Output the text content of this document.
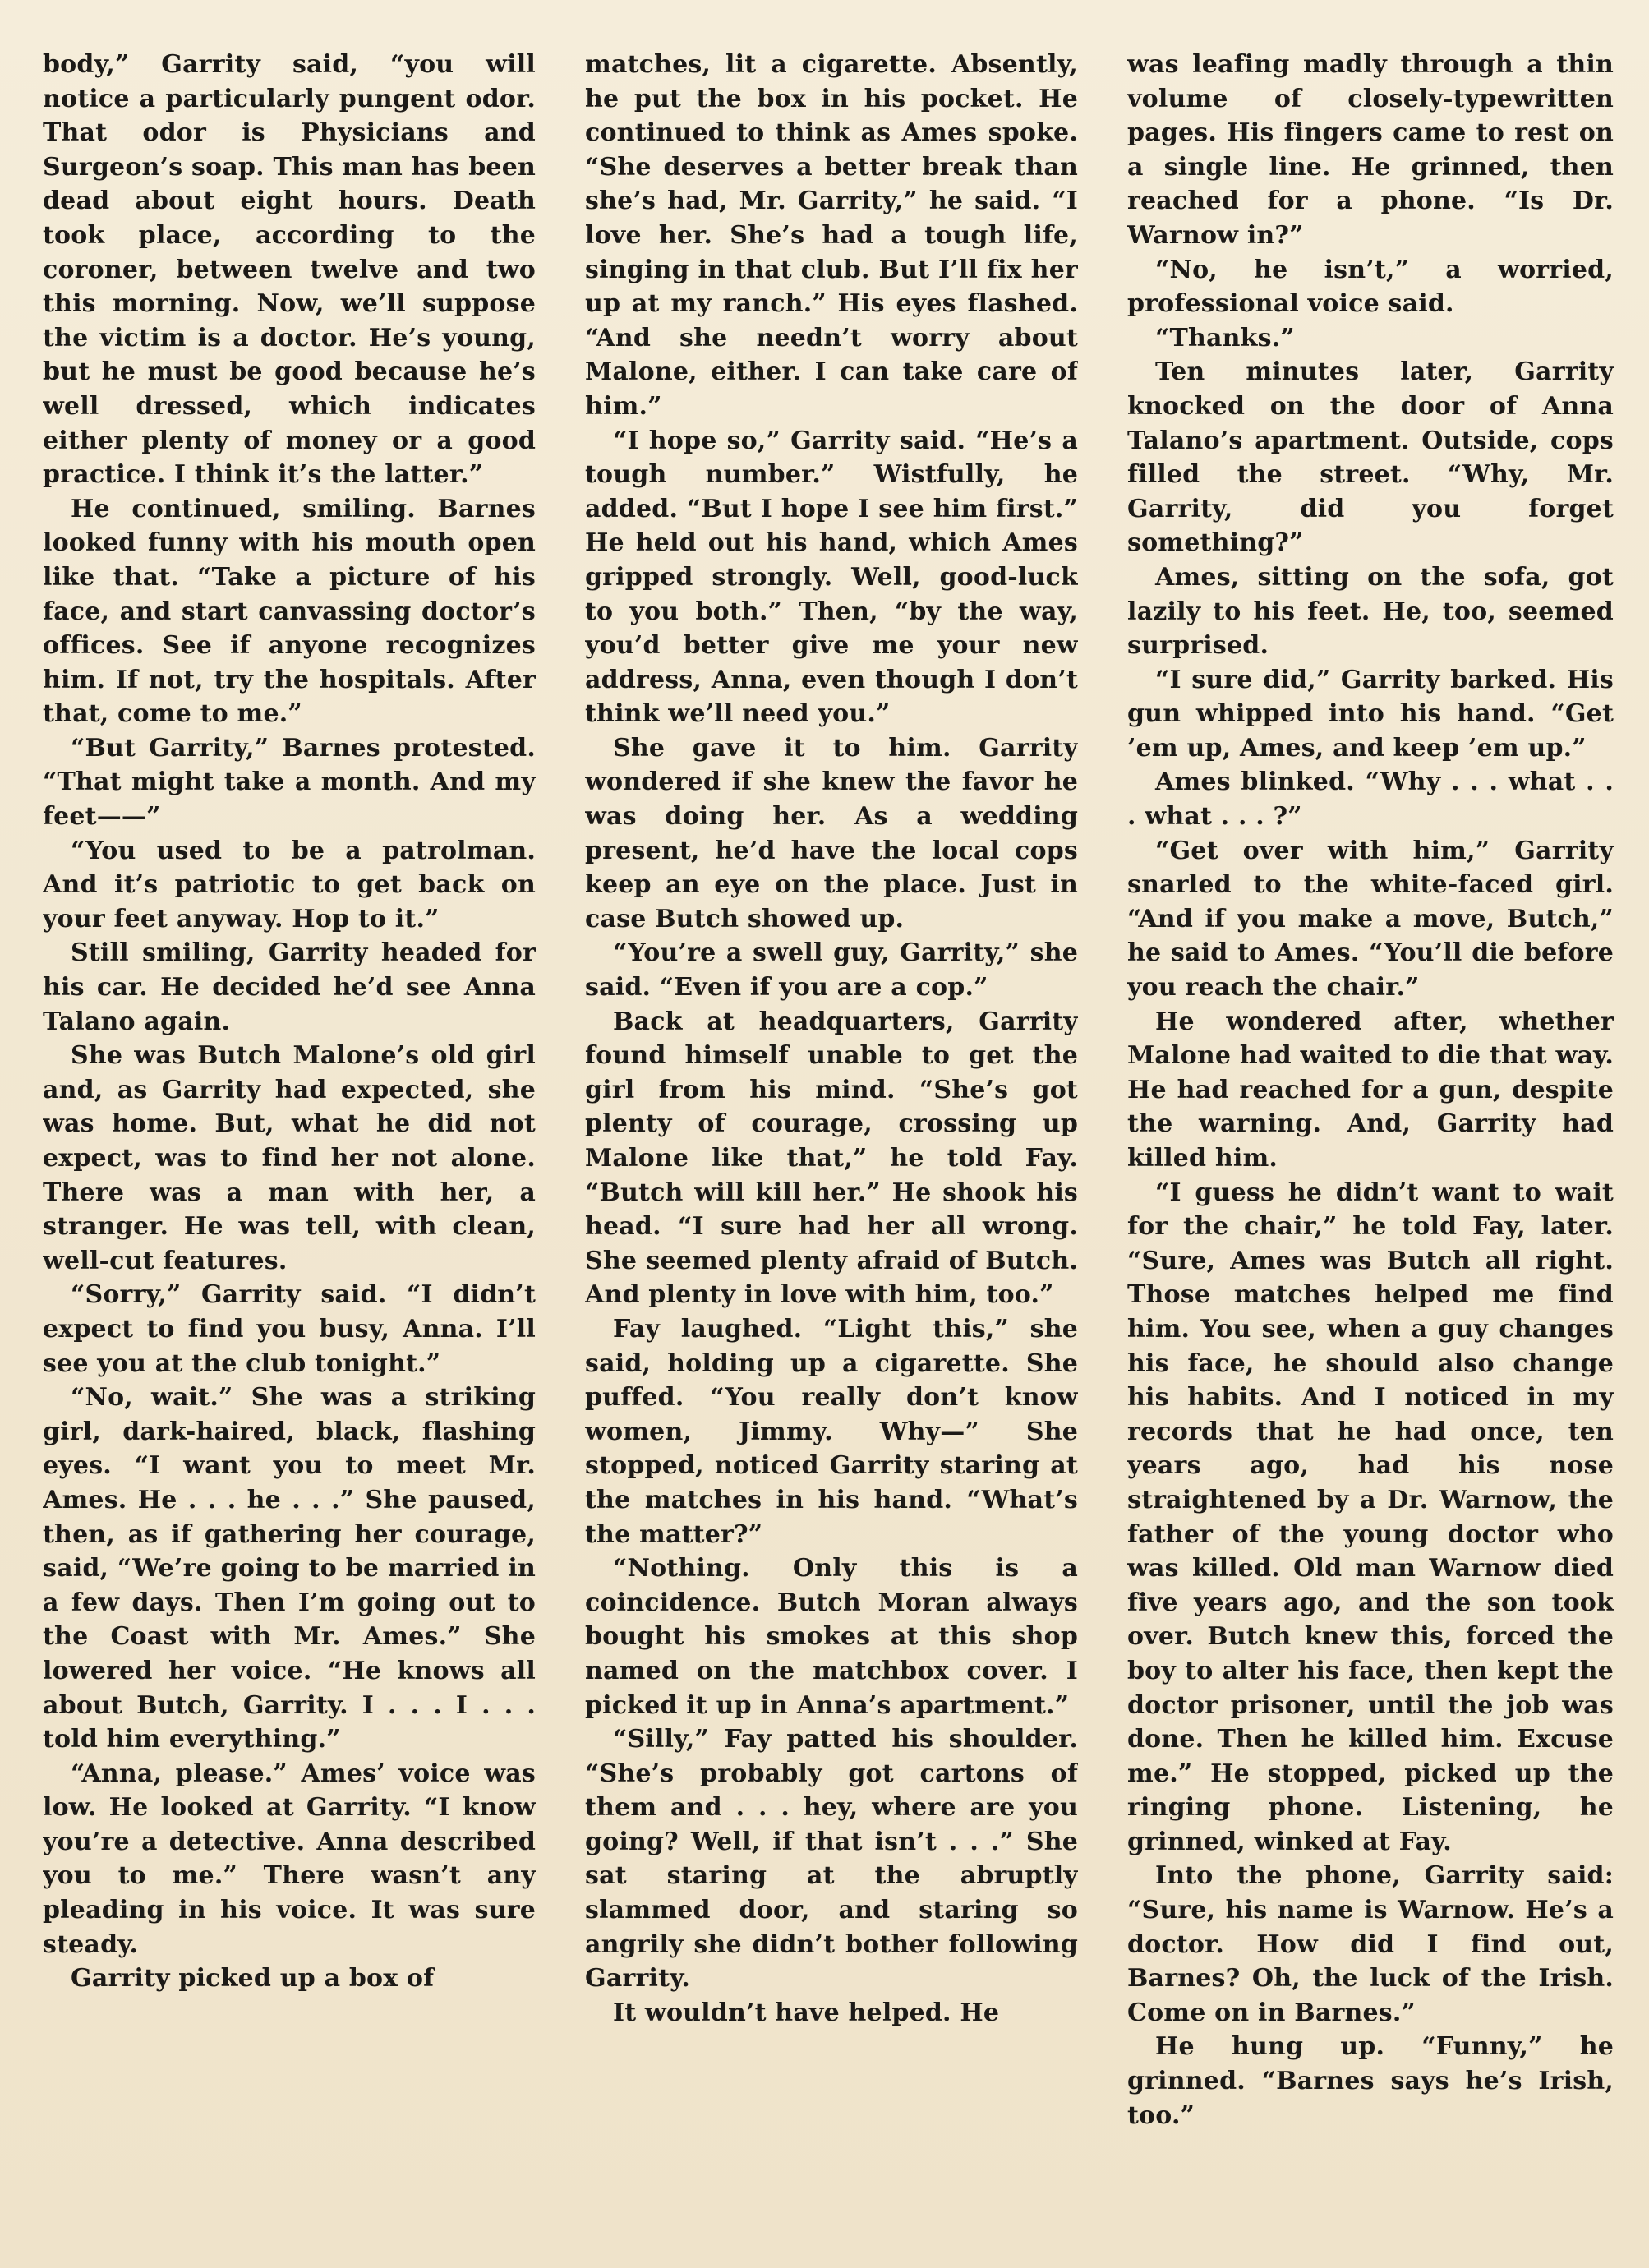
body,” Garrity said, “you will notice a particularly pungent odor. That odor is Physicians and Surgeon’s soap. This man has been dead about eight hours. Death took place, according to the coroner, between twelve and two this morning. Now, we’ll suppose the victim is a doctor. He’s young, but he must be good because he’s well dressed, which indicates either plenty of money or a good practice. I think it’s the latter.”

He continued, smiling. Barnes looked funny with his mouth open like that. “Take a picture of his face, and start canvassing doctor’s offices. See if anyone recognizes him. If not, try the hospitals. After that, come to me.”

“But Garrity,” Barnes protested. “That might take a month. And my feet——”

“You used to be a patrolman. And it’s patriotic to get back on your feet anyway. Hop to it.”

Still smiling, Garrity headed for his car. He decided he’d see Anna Talano again.

She was Butch Malone’s old girl and, as Garrity had expected, she was home. But, what he did not expect, was to find her not alone. There was a man with her, a stranger. He was tell, with clean, well-cut features.

“Sorry,” Garrity said. “I didn’t expect to find you busy, Anna. I’ll see you at the club tonight.”

“No, wait.” She was a striking girl, dark-haired, black, flashing eyes. “I want you to meet Mr. Ames. He . . . he . . .” She paused, then, as if gathering her courage, said, “We’re going to be married in a few days. Then I’m going out to the Coast with Mr. Ames.” She lowered her voice. “He knows all about Butch, Garrity. I . . . I . . . told him everything.”

“Anna, please.” Ames’ voice was low. He looked at Garrity. “I know you’re a detective. Anna described you to me.” There wasn’t any pleading in his voice. It was sure steady.

Garrity picked up a box of

matches, lit a cigarette. Absently, he put the box in his pocket. He continued to think as Ames spoke. “She deserves a better break than she’s had, Mr. Garrity,” he said. “I love her. She’s had a tough life, singing in that club. But I’ll fix her up at my ranch.” His eyes flashed. “And she needn’t worry about Malone, either. I can take care of him.”

“I hope so,” Garrity said. “He’s a tough number.” Wistfully, he added. “But I hope I see him first.” He held out his hand, which Ames gripped strongly. Well, good-luck to you both.” Then, “by the way, you’d better give me your new address, Anna, even though I don’t think we’ll need you.”

She gave it to him. Garrity wondered if she knew the favor he was doing her. As a wedding present, he’d have the local cops keep an eye on the place. Just in case Butch showed up.

“You’re a swell guy, Garrity,” she said. “Even if you are a cop.”

Back at headquarters, Garrity found himself unable to get the girl from his mind. “She’s got plenty of courage, crossing up Malone like that,” he told Fay. “Butch will kill her.” He shook his head. “I sure had her all wrong. She seemed plenty afraid of Butch. And plenty in love with him, too.”

Fay laughed. “Light this,” she said, holding up a cigarette. She puffed. “You really don’t know women, Jimmy. Why—” She stopped, noticed Garrity staring at the matches in his hand. “What’s the matter?”

“Nothing. Only this is a coincidence. Butch Moran always bought his smokes at this shop named on the matchbox cover. I picked it up in Anna’s apartment.”

“Silly,” Fay patted his shoulder. “She’s probably got cartons of them and . . . hey, where are you going? Well, if that isn’t . . .” She sat staring at the abruptly slammed door, and staring so angrily she didn’t bother following Garrity.

It wouldn’t have helped. He

was leafing madly through a thin volume of closely-typewritten pages. His fingers came to rest on a single line. He grinned, then reached for a phone. “Is Dr. Warnow in?”

“No, he isn’t,” a worried, professional voice said.

“Thanks.”

Ten minutes later, Garrity knocked on the door of Anna Talano’s apartment. Outside, cops filled the street. “Why, Mr. Garrity, did you forget something?”

Ames, sitting on the sofa, got lazily to his feet. He, too, seemed surprised.

“I sure did,” Garrity barked. His gun whipped into his hand. “Get ’em up, Ames, and keep ’em up.”

Ames blinked. “Why . . . what . . . what . . . ?”

“Get over with him,” Garrity snarled to the white-faced girl. “And if you make a move, Butch,” he said to Ames. “You’ll die before you reach the chair.”

He wondered after, whether Malone had waited to die that way. He had reached for a gun, despite the warning. And, Garrity had killed him.

“I guess he didn’t want to wait for the chair,” he told Fay, later. “Sure, Ames was Butch all right. Those matches helped me find him. You see, when a guy changes his face, he should also change his habits. And I noticed in my records that he had once, ten years ago, had his nose straightened by a Dr. Warnow, the father of the young doctor who was killed. Old man Warnow died five years ago, and the son took over. Butch knew this, forced the boy to alter his face, then kept the doctor prisoner, until the job was done. Then he killed him. Excuse me.” He stopped, picked up the ringing phone. Listening, he grinned, winked at Fay.

Into the phone, Garrity said: “Sure, his name is Warnow. He’s a doctor. How did I find out, Barnes? Oh, the luck of the Irish. Come on in Barnes.”

He hung up. “Funny,” he grinned. “Barnes says he’s Irish, too.”
